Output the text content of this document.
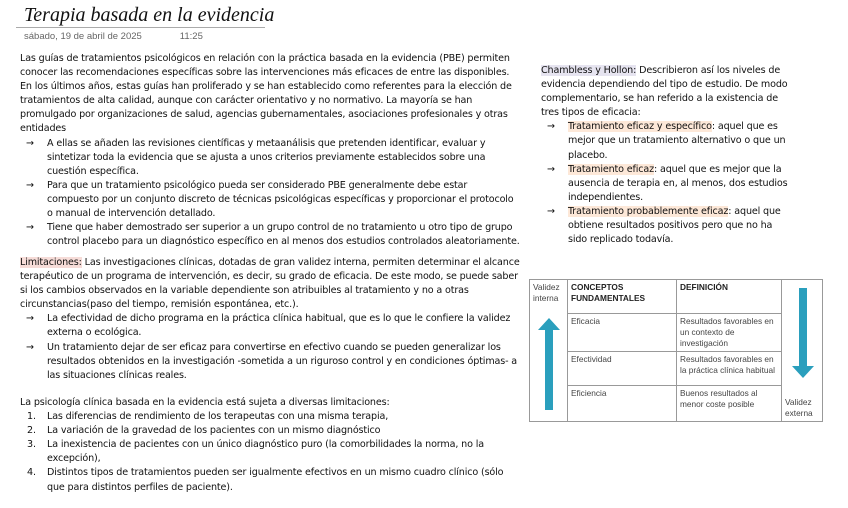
Terapia basada en la evidencia
sábado, 19 de abril de 2025	11:25
Las guías de tratamientos psicológicos en relación con la práctica basada en la evidencia (PBE) permiten conocer las recomendaciones específicas sobre las intervenciones más eficaces de entre las disponibles. En los últimos años, estas guías han proliferado y se han establecido como referentes para la elección de tratamientos de alta calidad, aunque con carácter orientativo y no normativo. La mayoría se han promulgado por organizaciones de salud, agencias gubernamentales, asociaciones profesionales y otras entidades
→ A ellas se añaden las revisiones científicas y metaanálisis que pretenden identificar, evaluar y sintetizar toda la evidencia que se ajusta a unos criterios previamente establecidos sobre una cuestión específica.
→ Para que un tratamiento psicológico pueda ser considerado PBE generalmente debe estar compuesto por un conjunto discreto de técnicas psicológicas específicas y proporcionar el protocolo o manual de intervención detallado.
→ Tiene que haber demostrado ser superior a un grupo control de no tratamiento u otro tipo de grupo control placebo para un diagnóstico específico en al menos dos estudios controlados aleatoriamente.
Limitaciones: Las investigaciones clínicas, dotadas de gran validez interna, permiten determinar el alcance terapéutico de un programa de intervención, es decir, su grado de eficacia. De este modo, se puede saber si los cambios observados en la variable dependiente son atribuibles al tratamiento y no a otras circunstancias(paso del tiempo, remisión espontánea, etc.).
→ La efectividad de dicho programa en la práctica clínica habitual, que es lo que le confiere la validez externa o ecológica.
→ Un tratamiento dejar de ser eficaz para convertirse en efectivo cuando se pueden generalizar los resultados obtenidos en la investigación -sometida a un riguroso control y en condiciones óptimas- a las situaciones clínicas reales.
La psicología clínica basada en la evidencia está sujeta a diversas limitaciones:
1. Las diferencias de rendimiento de los terapeutas con una misma terapia,
2. La variación de la gravedad de los pacientes con un mismo diagnóstico
3. La inexistencia de pacientes con un único diagnóstico puro (la comorbilidades la norma, no la excepción),
4. Distintos tipos de tratamientos pueden ser igualmente efectivos en un mismo cuadro clínico (sólo que para distintos perfiles de paciente).
Chambless y Hollon: Describieron así los niveles de evidencia dependiendo del tipo de estudio. De modo complementario, se han referido a la existencia de tres tipos de eficacia:
→ Tratamiento eficaz y específico: aquel que es mejor que un tratamiento alternativo o que un placebo.
→ Tratamiento eficaz: aquel que es mejor que la ausencia de terapia en, al menos, dos estudios independientes.
→ Tratamiento probablemente eficaz: aquel que obtiene resultados positivos pero que no ha sido replicado todavía.
Validez interna	CONCEPTOS FUNDAMENTALES	DEFINICIÓN	

	Eficacia	Resultados favorables en un contexto de investigación	
	Efectividad	Resultados favorables en la práctica clínica habitual	
	Eficiencia	Buenos resultados al menor coste posible	Validez externa
